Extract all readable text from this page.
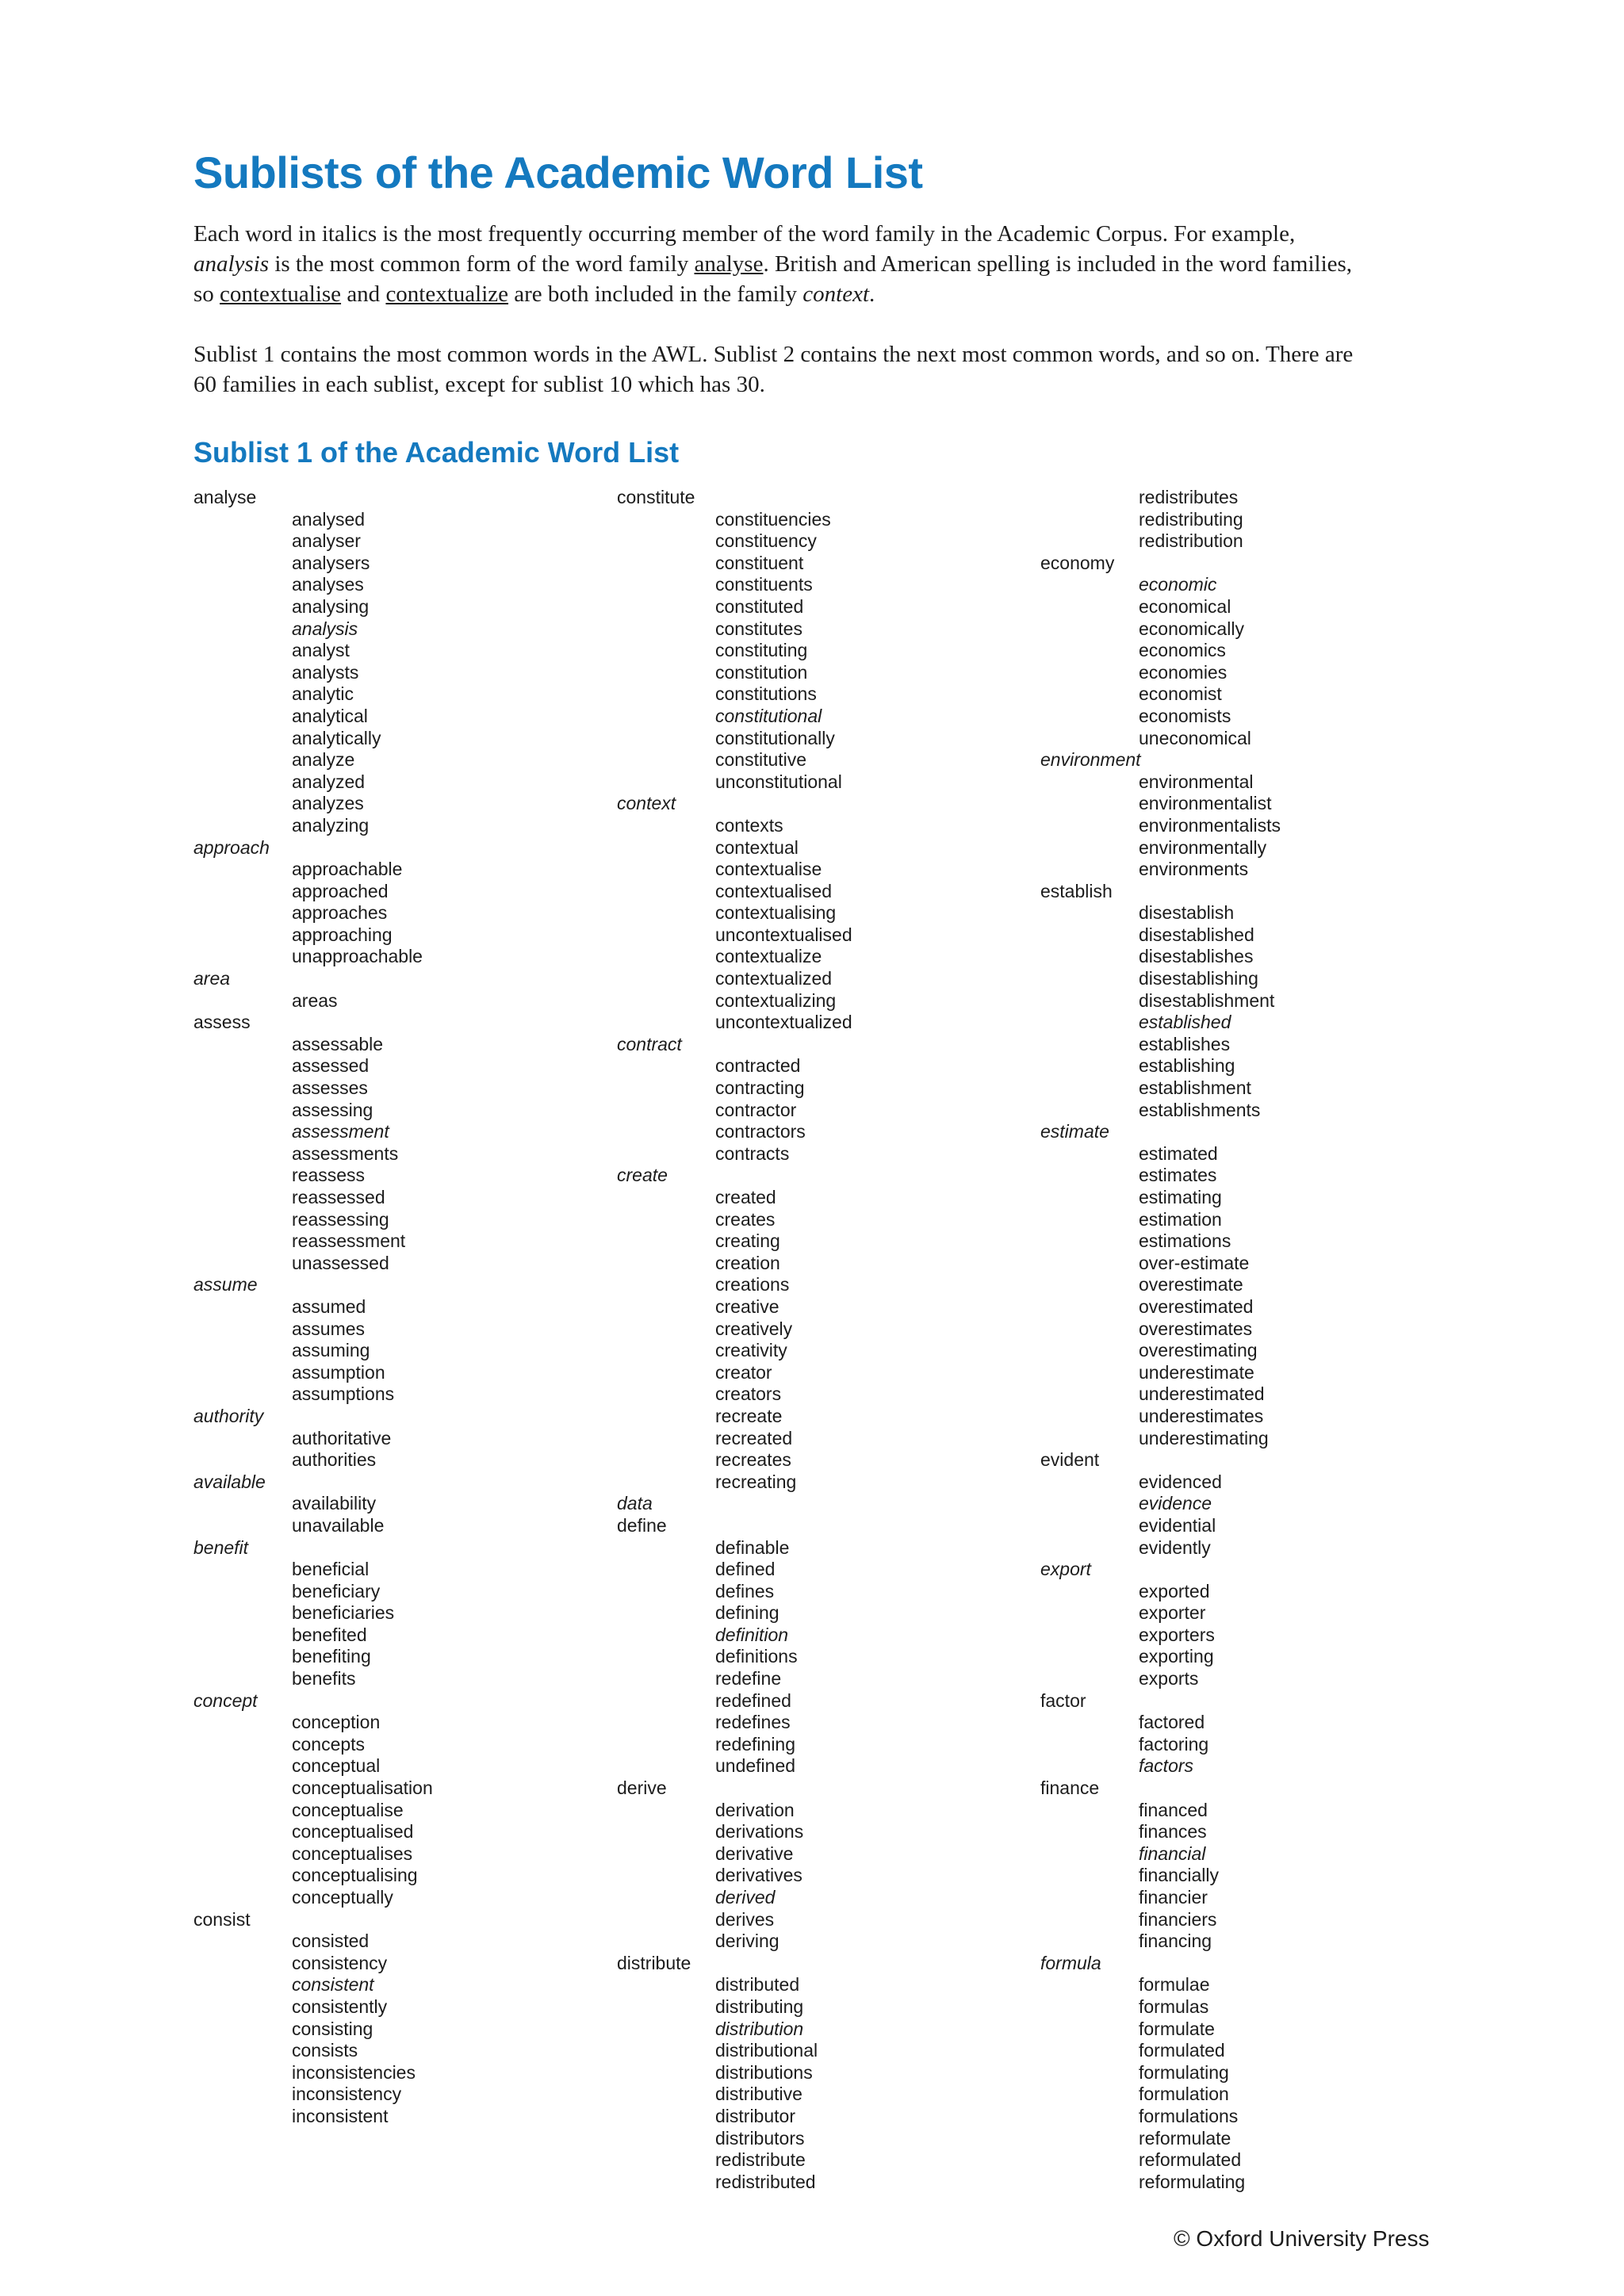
Sublists of the Academic Word List

Each word in italics is the most frequently occurring member of the word family in the Academic Corpus. For example, analysis is the most common form of the word family analyse. British and American spelling is included in the word families, so contextualise and contextualize are both included in the family context.

Sublist 1 contains the most common words in the AWL. Sublist 2 contains the next most common words, and so on. There are 60 families in each sublist, except for sublist 10 which has 30.

Sublist 1 of the Academic Word List
analyse
analysed
analyser
analysers
analyses
analysing
analysis
analyst
analysts
analytic
analytical
analytically
analyze
analyzed
analyzes
analyzing
approach
approachable
approached
approaches
approaching
unapproachable
area
areas
assess
assessable
assessed
assesses
assessing
assessment
assessments
reassess
reassessed
reassessing
reassessment
unassessed
assume
assumed
assumes
assuming
assumption
assumptions
authority
authoritative
authorities
available
availability
unavailable
benefit
beneficial
beneficiary
beneficiaries
benefited
benefiting
benefits
concept
conception
concepts
conceptual
conceptualisation
conceptualise
conceptualised
conceptualises
conceptualising
conceptually
consist
consisted
consistency
consistent
consistently
consisting
consists
inconsistencies
inconsistency
inconsistent
constitute
constituencies
constituency
constituent
constituents
constituted
constitutes
constituting
constitution
constitutions
constitutional
constitutionally
constitutive
unconstitutional
context
contexts
contextual
contextualise
contextualised
contextualising
uncontextualised
contextualize
contextualized
contextualizing
uncontextualized
contract
contracted
contracting
contractor
contractors
contracts
create
created
creates
creating
creation
creations
creative
creatively
creativity
creator
creators
recreate
recreated
recreates
recreating
data
define
definable
defined
defines
defining
definition
definitions
redefine
redefined
redefines
redefining
undefined
derive
derivation
derivations
derivative
derivatives
derived
derives
deriving
distribute
distributed
distributing
distribution
distributional
distributions
distributive
distributor
distributors
redistribute
redistributed
redistributes
redistributing
redistribution
economy
economic
economical
economically
economics
economies
economist
economists
uneconomical
environment
environmental
environmentalist
environmentalists
environmentally
environments
establish
disestablish
disestablished
disestablishes
disestablishing
disestablishment
established
establishes
establishing
establishment
establishments
estimate
estimated
estimates
estimating
estimation
estimations
over-estimate
overestimate
overestimated
overestimates
overestimating
underestimate
underestimated
underestimates
underestimating
evident
evidenced
evidence
evidential
evidently
export
exported
exporter
exporters
exporting
exports
factor
factored
factoring
factors
finance
financed
finances
financial
financially
financier
financiers
financing
formula
formulae
formulas
formulate
formulated
formulating
formulation
formulations
reformulate
reformulated
reformulating

© Oxford University Press
